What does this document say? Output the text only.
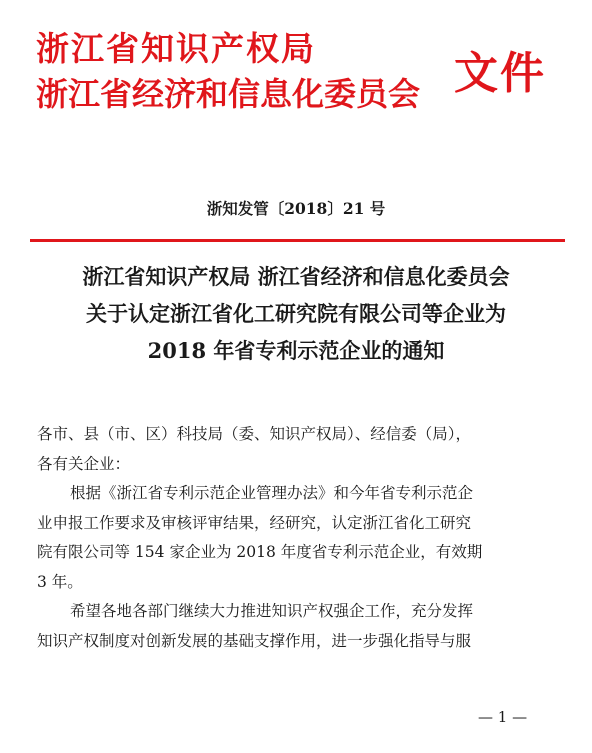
浙江省知识产权局
浙江省经济和信息化委员会 文件
浙知发管〔2018〕21 号
浙江省知识产权局 浙江省经济和信息化委员会
关于认定浙江省化工研究院有限公司等企业为
2018 年省专利示范企业的通知

各市、县（市、区）科技局（委、知识产权局）、经信委（局），

各有关企业：

根据《浙江省专利示范企业管理办法》和今年省专利示范企

业申报工作要求及审核评审结果，经研究，认定浙江省化工研究

院有限公司等 154 家企业为 2018 年度省专利示范企业，有效期

3 年。

希望各地各部门继续大力推进知识产权强企工作，充分发挥

知识产权制度对创新发展的基础支撑作用，进一步强化指导与服

— 1 —
